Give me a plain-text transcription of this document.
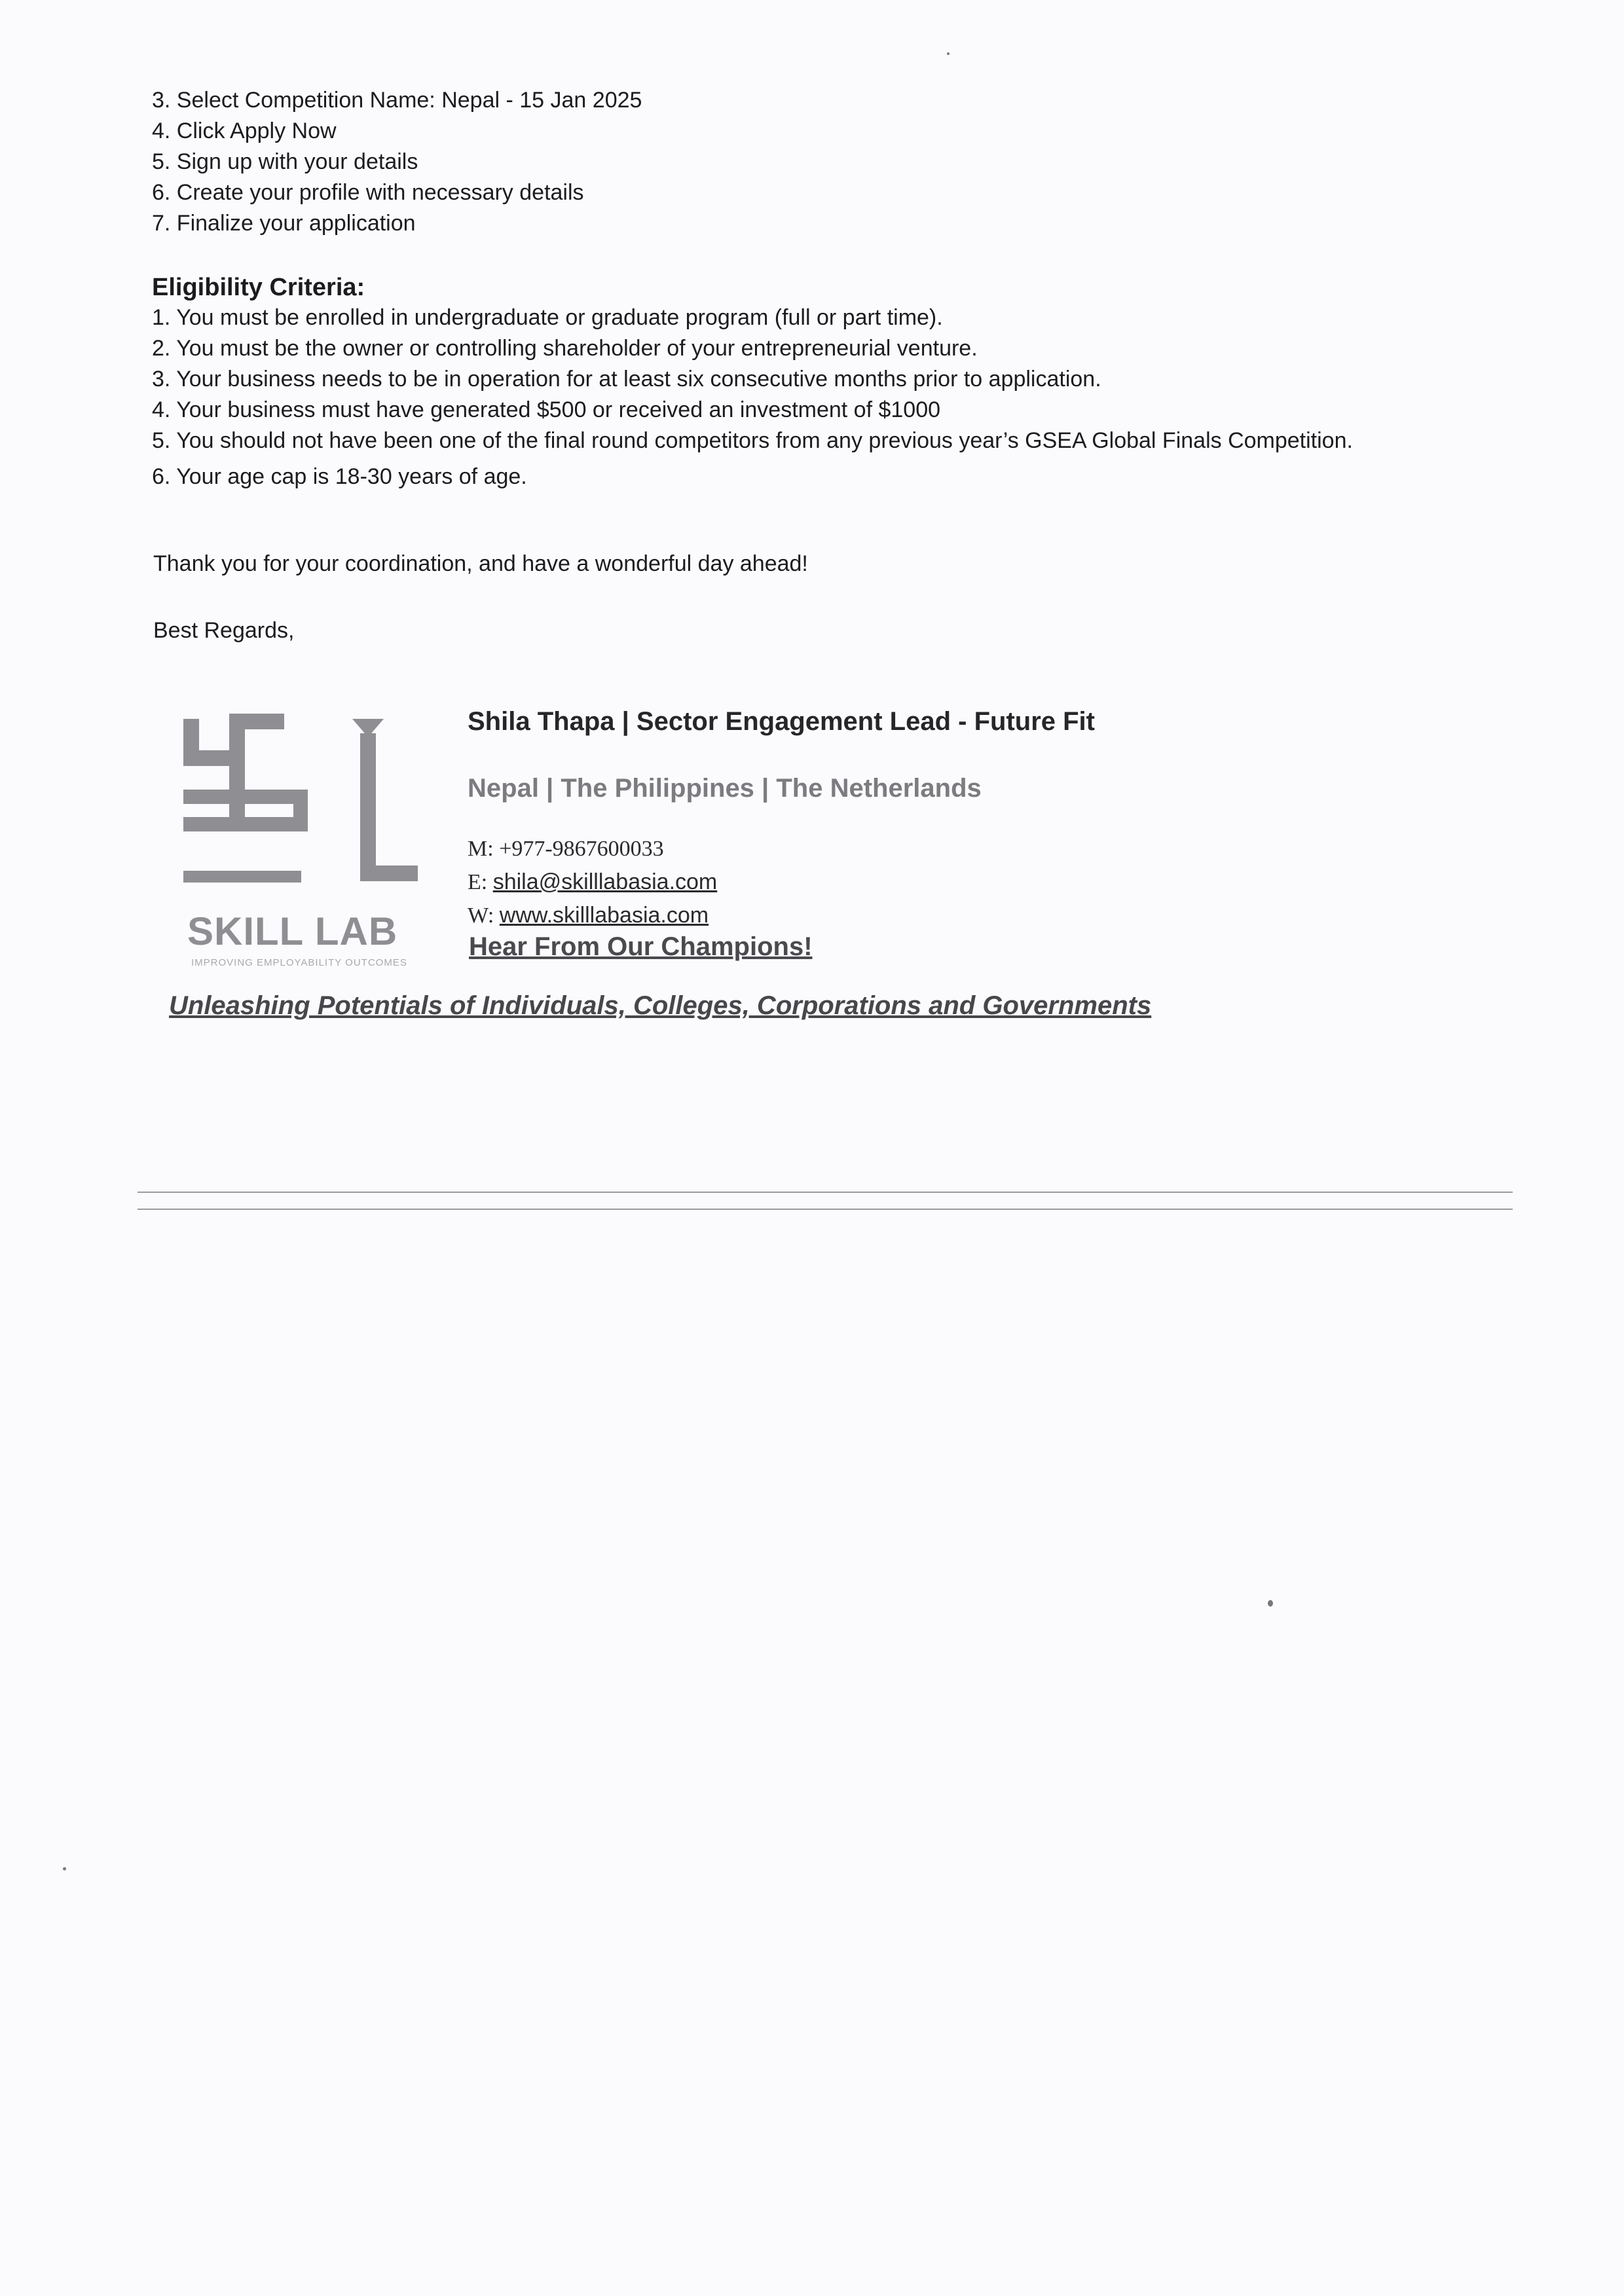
3. Select Competition Name: Nepal - 15 Jan 2025
4. Click Apply Now
5. Sign up with your details
6. Create your profile with necessary details
7. Finalize your application
Eligibility Criteria:
1. You must be enrolled in undergraduate or graduate program (full or part time).
2. You must be the owner or controlling shareholder of your entrepreneurial venture.
3. Your business needs to be in operation for at least six consecutive months prior to application.
4. Your business must have generated $500 or received an investment of $1000
5. You should not have been one of the final round competitors from any previous year’s GSEA Global Finals Competition.
6. Your age cap is 18-30 years of age.
Thank you for your coordination, and have a wonderful day ahead!
Best Regards,
SKILL LAB
IMPROVING EMPLOYABILITY OUTCOMES
Shila Thapa | Sector Engagement Lead - Future Fit
Nepal | The Philippines | The Netherlands
M: +977-9867600033
E: shila@skilllabasia.com
W: www.skilllabasia.com
Hear From Our Champions!
Unleashing Potentials of Individuals, Colleges, Corporations and Governments
